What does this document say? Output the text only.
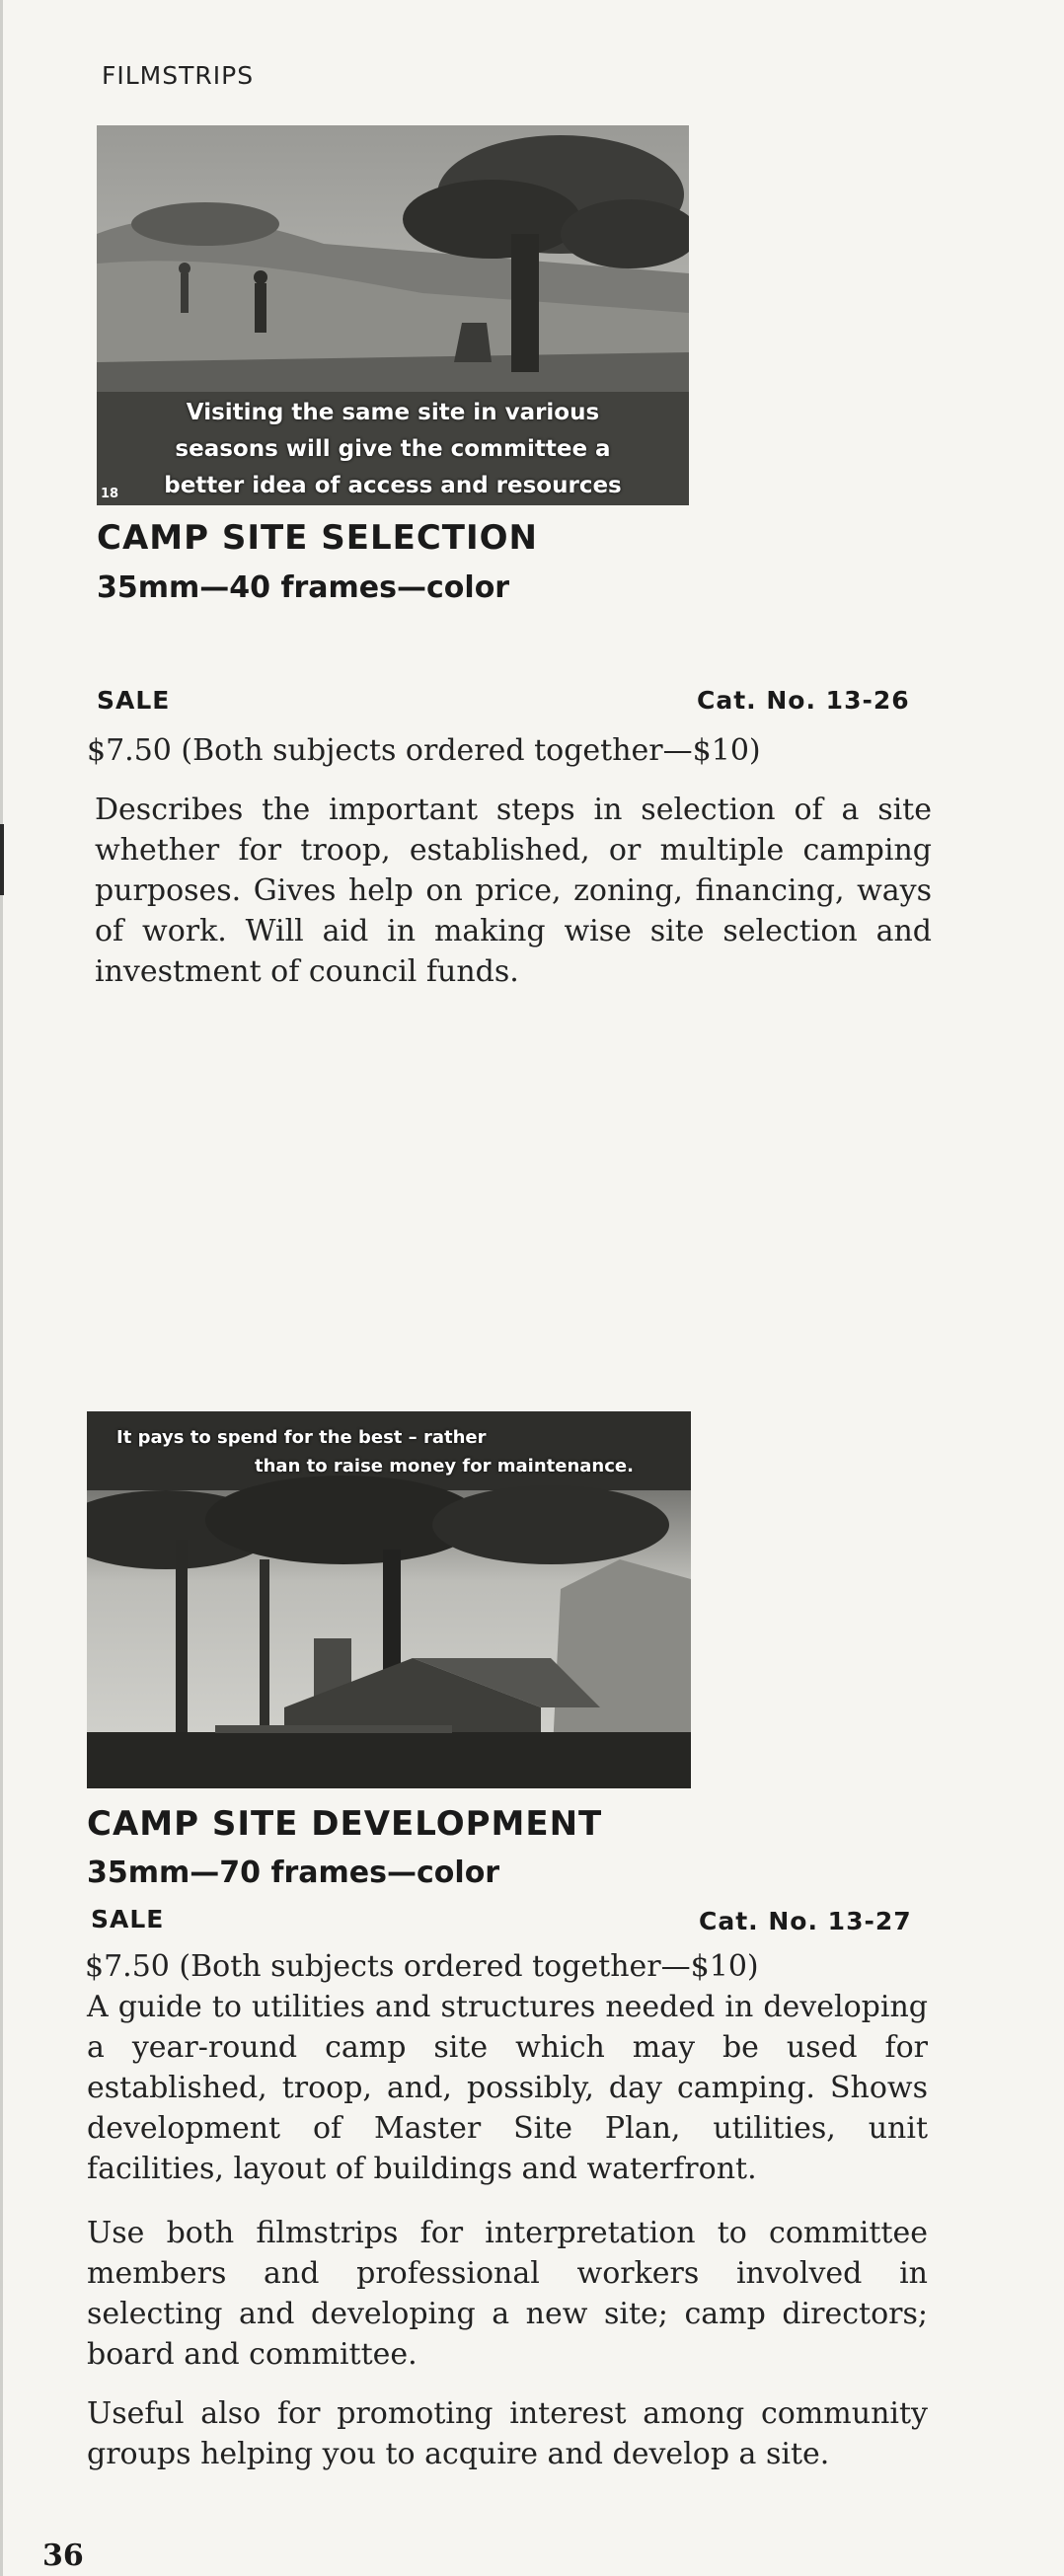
FILMSTRIPS
Visiting the same site in various
seasons will give the committee a
better idea of access and resources
18
CAMP SITE SELECTION
35mm—40 frames—color
SALE	Cat. No. 13-26
$7.50 (Both subjects ordered together—$10)

Describes the important steps in selection of a site whether for troop, established, or multiple camping purposes. Gives help on price, zoning, financing, ways of work. Will aid in making wise site selection and investment of council funds.

It pays to spend for the best – rather
than to raise money for maintenance.
CAMP SITE DEVELOPMENT
35mm—70 frames—color
SALE	Cat. No. 13-27
$7.50 (Both subjects ordered together—$10)

A guide to utilities and structures needed in developing a year-round camp site which may be used for established, troop, and, possibly, day camping. Shows development of Master Site Plan, utilities, unit facilities, layout of buildings and waterfront.

Use both filmstrips for interpretation to committee members and professional workers involved in selecting and developing a new site; camp directors; board and committee.

Useful also for promoting interest among community groups helping you to acquire and develop a site.

36
